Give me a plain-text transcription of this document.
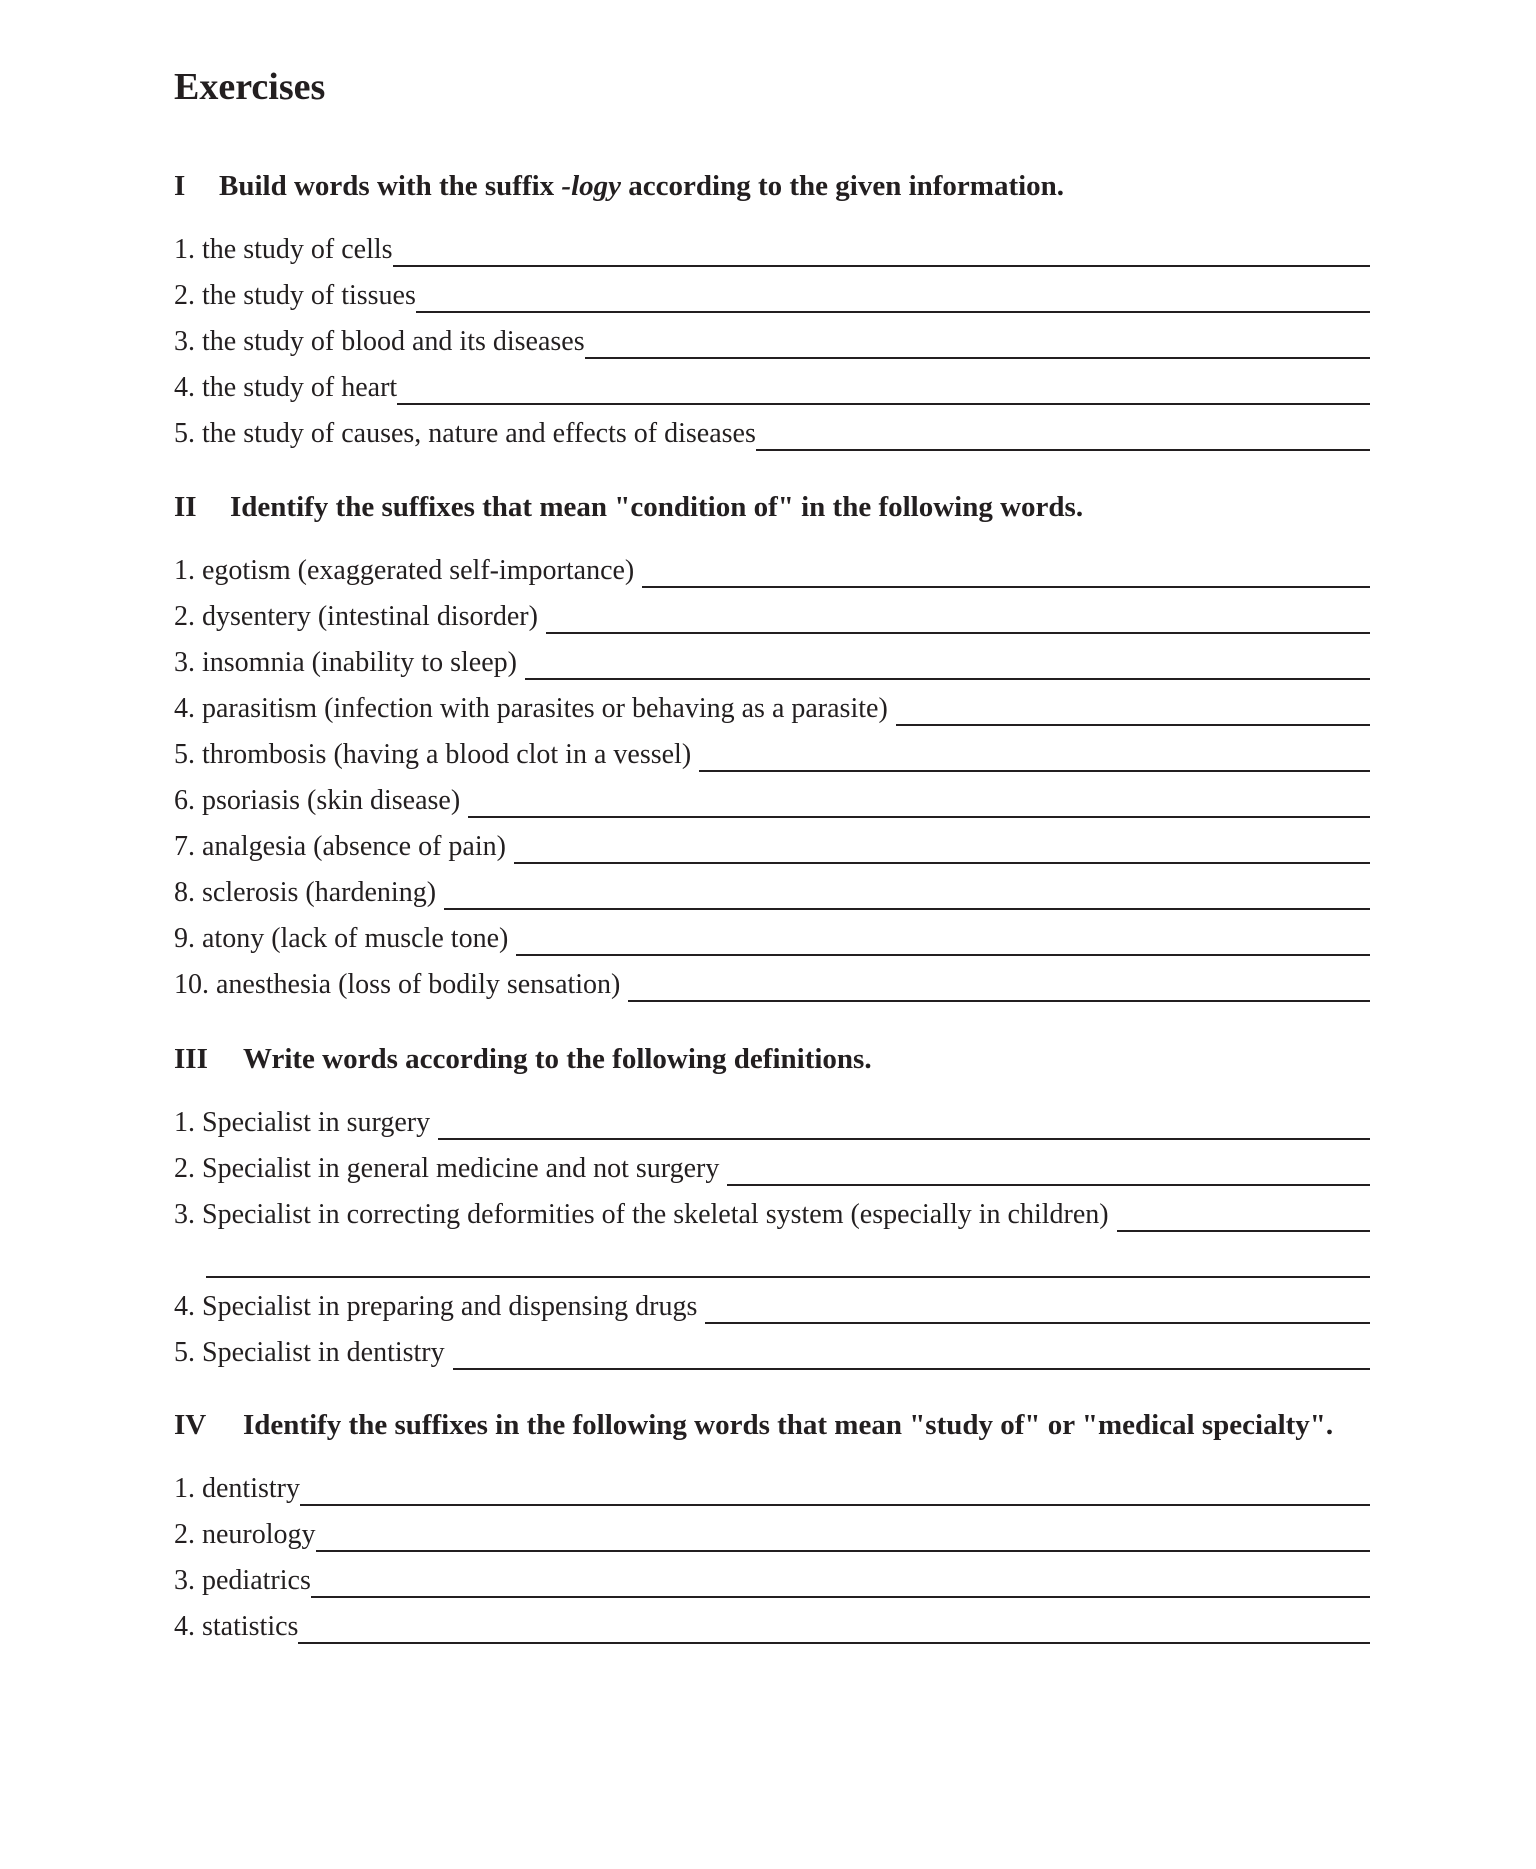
Exercises

I	Build words with the suffix -logy according to the given information.

1. the study of cells
2. the study of tissues
3. the study of blood and its diseases
4. the study of heart
5. the study of causes, nature and effects of diseases

II	Identify the suffixes that mean "condition of" in the following words.

1. egotism (exaggerated self-importance)
2. dysentery (intestinal disorder)
3. insomnia (inability to sleep)
4. parasitism (infection with parasites or behaving as a parasite)
5. thrombosis (having a blood clot in a vessel)
6. psoriasis (skin disease)
7. analgesia (absence of pain)
8. sclerosis (hardening)
9. atony (lack of muscle tone)
10. anesthesia (loss of bodily sensation)

III	Write words according to the following definitions.

1. Specialist in surgery
2. Specialist in general medicine and not surgery
3. Specialist in correcting deformities of the skeletal system (especially in children)
4. Specialist in preparing and dispensing drugs
5. Specialist in dentistry

IV Identify the suffixes in the following words that mean "study of" or "medical specialty".

1. dentistry
2. neurology
3. pediatrics
4. statistics
